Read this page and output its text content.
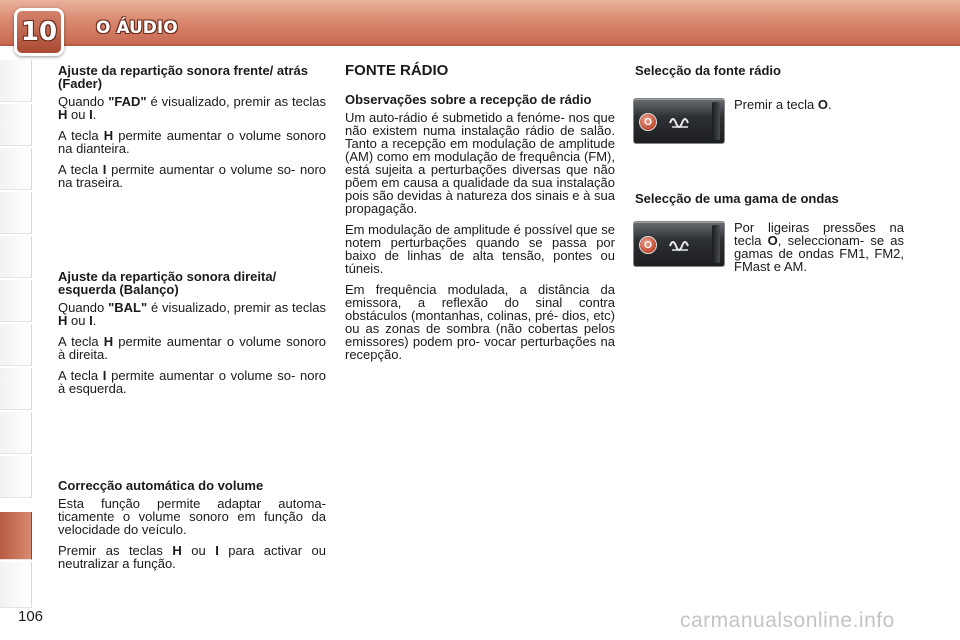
10	O ÁUDIO
Ajuste da repartição sonora frente/ atrás (Fader)

Quando "FAD" é visualizado, premir as teclas H ou I.

A tecla H permite aumentar o volume sonoro na dianteira.

A tecla I permite aumentar o volume so- noro na traseira.

Ajuste da repartição sonora direita/ esquerda (Balanço)

Quando "BAL" é visualizado, premir as teclas H ou I.

A tecla H permite aumentar o volume sonoro à direita.

A tecla I permite aumentar o volume so- noro à esquerda.

Correcção automática do volume

Esta função permite adaptar automa- ticamente o volume sonoro em função da velocidade do veículo.

Premir as teclas H ou I para activar ou neutralizar a função.

FONTE RÁDIO
Observações sobre a recepção de rádio

Um auto-rádio é submetido a fenóme- nos que não existem numa instalação rádio de salão. Tanto a recepção em modulação de amplitude (AM) como em modulação de frequência (FM), está sujeita a perturbações diversas que não põem em causa a qualidade da sua instalação pois são devidas à natureza dos sinais e à sua propagação.

Em modulação de amplitude é possível que se notem perturbações quando se passa por baixo de linhas de alta tensão, pontes ou túneis.

Em frequência modulada, a distância da emissora, a reflexão do sinal contra obstáculos (montanhas, colinas, pré- dios, etc) ou as zonas de sombra (não cobertas pelos emissores) podem pro- vocar perturbações na recepção.

Selecção da fonte rádio
O
Premir a tecla O.
Selecção de uma gama de ondas
O
Por ligeiras pressões na tecla O, seleccionam- se as gamas de ondas FM1, FM2, FMast e AM.
106	carmanualsonline.info
